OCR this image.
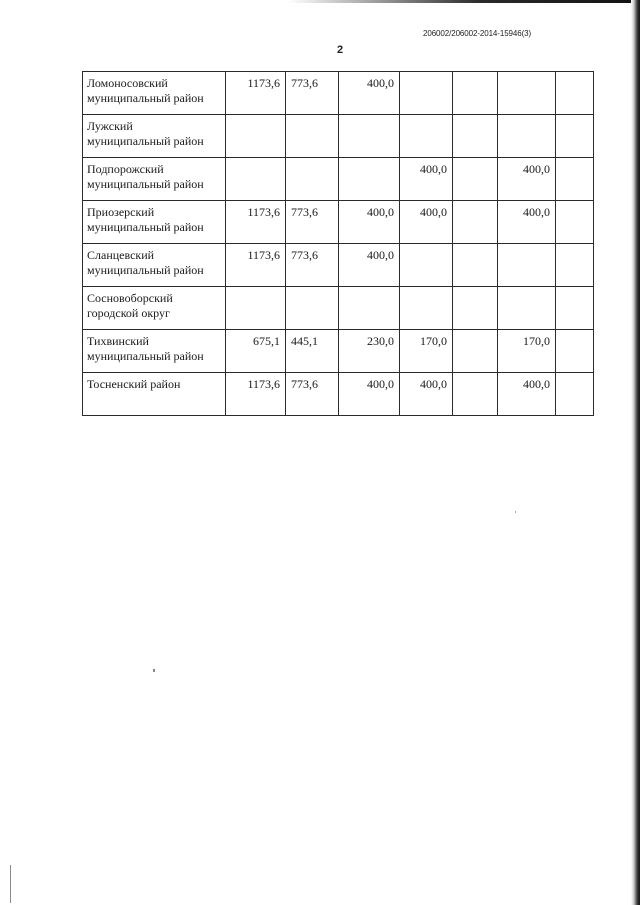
206002/206002-2014-15946(3)
2
Ломоносовский
муниципальный район	1173,6	773,6	400,0				

Лужский
муниципальный район							

Подпорожский
муниципальный район				400,0		400,0	

Приозерский
муниципальный район	1173,6	773,6	400,0	400,0		400,0	

Сланцевский
муниципальный район	1173,6	773,6	400,0				

Сосновоборский
городской округ							

Тихвинский
муниципальный район	675,1	445,1	230,0	170,0		170,0	

Тосненский район	1173,6	773,6	400,0	400,0		400,0	
